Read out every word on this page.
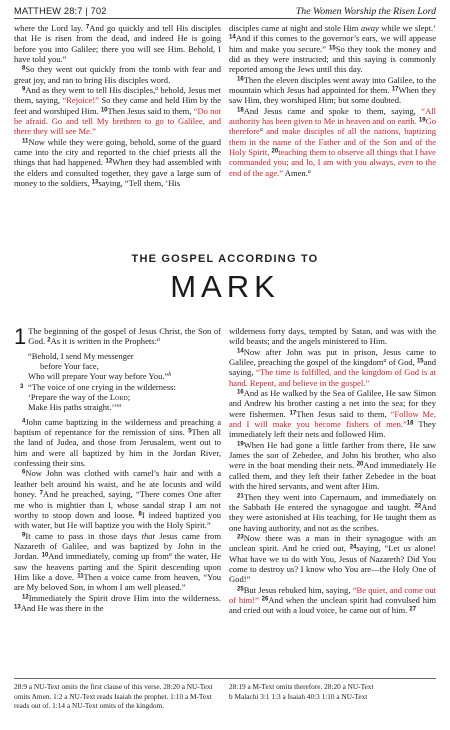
MATTHEW 28:7 | 702	The Women Worship the Risen Lord

where the Lord lay. $^7$And go quickly and tell His disciples that He is risen from the dead, and indeed He is going before you into Galilee; there you will see Him. Behold, I have told you.”

$^8$So they went out quickly from the tomb with fear and great joy, and ran to bring His disciples word.

$^9$And as they went to tell His disciples,$^a$ behold, Jesus met them, saying, “Rejoice!” So they came and held Him by the feet and worshiped Him. $^{10}$Then Jesus said to them, “Do not be afraid. Go and tell My brethren to go to Galilee, and there they will see Me.”

$^{11}$Now while they were going, behold, some of the guard came into the city and reported to the chief priests all the things that had happened. $^{12}$When they had assembled with the elders and consulted together, they gave a large sum of money to the soldiers, $^{13}$saying, “Tell them, ‘His

disciples came at night and stole Him away while we slept.’ $^{14}$And if this comes to the governor’s ears, we will appease him and make you secure.” $^{15}$So they took the money and did as they were instructed; and this saying is commonly reported among the Jews until this day.

$^{16}$Then the eleven disciples went away into Galilee, to the mountain which Jesus had appointed for them. $^{17}$When they saw Him, they worshiped Him; but some doubted.

$^{18}$And Jesus came and spoke to them, saying, “All authority has been given to Me in heaven and on earth. $^{19}$Go therefore$^a$ and make disciples of all the nations, baptizing them in the name of the Father and of the Son and of the Holy Spirit, $^{20}$teaching them to observe all things that I have commanded you; and lo, I am with you always, even to the end of the age.” Amen.$^a$

THE GOSPEL ACCORDING TO
MARK

1 The beginning of the gospel of Jesus Christ, the Son of God. $^2$As it is written in the Prophets:$^a$

“Behold, I send My messenger

before Your face,

Who will prepare Your way before You.”$^b$

3 “The voice of one crying in the wilderness:

‘Prepare the way of the Lord;

Make His paths straight.’”$^a$

$^4$John came baptizing in the wilderness and preaching a baptism of repentance for the remission of sins. $^5$Then all the land of Judea, and those from Jerusalem, went out to him and were all baptized by him in the Jordan River, confessing their sins.

$^6$Now John was clothed with camel’s hair and with a leather belt around his waist, and he ate locusts and wild honey. $^7$And he preached, saying, “There comes One after me who is mightier than I, whose sandal strap I am not worthy to stoop down and loose. $^8$I indeed baptized you with water, but He will baptize you with the Holy Spirit.”

$^9$It came to pass in those days that Jesus came from Nazareth of Galilee, and was baptized by John in the Jordan. $^{10}$And immediately, coming up from$^a$ the water, He saw the heavens parting and the Spirit descending upon Him like a dove. $^{11}$Then a voice came from heaven, “You are My beloved Son, in whom I am well pleased.”

$^{12}$Immediately the Spirit drove Him into the wilderness. $^{13}$And He was there in the

wilderness forty days, tempted by Satan, and was with the wild beasts; and the angels ministered to Him.

$^{14}$Now after John was put in prison, Jesus came to Galilee, preaching the gospel of the kingdom$^a$ of God, $^{15}$and saying, “The time is fulfilled, and the kingdom of God is at hand. Repent, and believe in the gospel.”

$^{16}$And as He walked by the Sea of Galilee, He saw Simon and Andrew his brother casting a net into the sea; for they were fishermen. $^{17}$Then Jesus said to them, “Follow Me, and I will make you become fishers of men.”$^{18}$ They immediately left their nets and followed Him.

$^{19}$When He had gone a little farther from there, He saw James the son of Zebedee, and John his brother, who also were in the boat mending their nets. $^{20}$And immediately He called them, and they left their father Zebedee in the boat with the hired servants, and went after Him.

$^{21}$Then they went into Capernaum, and immediately on the Sabbath He entered the synagogue and taught. $^{22}$And they were astonished at His teaching, for He taught them as one having authority, and not as the scribes.

$^{23}$Now there was a man in their synagogue with an unclean spirit. And he cried out, $^{24}$saying, “Let us alone! What have we to do with You, Jesus of Nazareth? Did You come to destroy us? I know who You are—the Holy One of God!”

$^{25}$But Jesus rebuked him, saying, “Be quiet, and come out of him!” $^{26}$And when the unclean spirit had convulsed him and cried out with a loud voice, he came out of him. $^{27}$

28:9 a NU-Text omits the first clause of this verse. 28:20 a NU-Text
omits Amen. 1:2 a NU-Text reads Isaiah the prophet. 1:10 a M-Text
reads out of. 1:14 a NU-Text omits of the kingdom.
28:19 a M-Text omits therefore. 28:20 a NU-Text
b Malachi 3:1 1:3 a Isaiah 40:3 1:10 a NU-Text
